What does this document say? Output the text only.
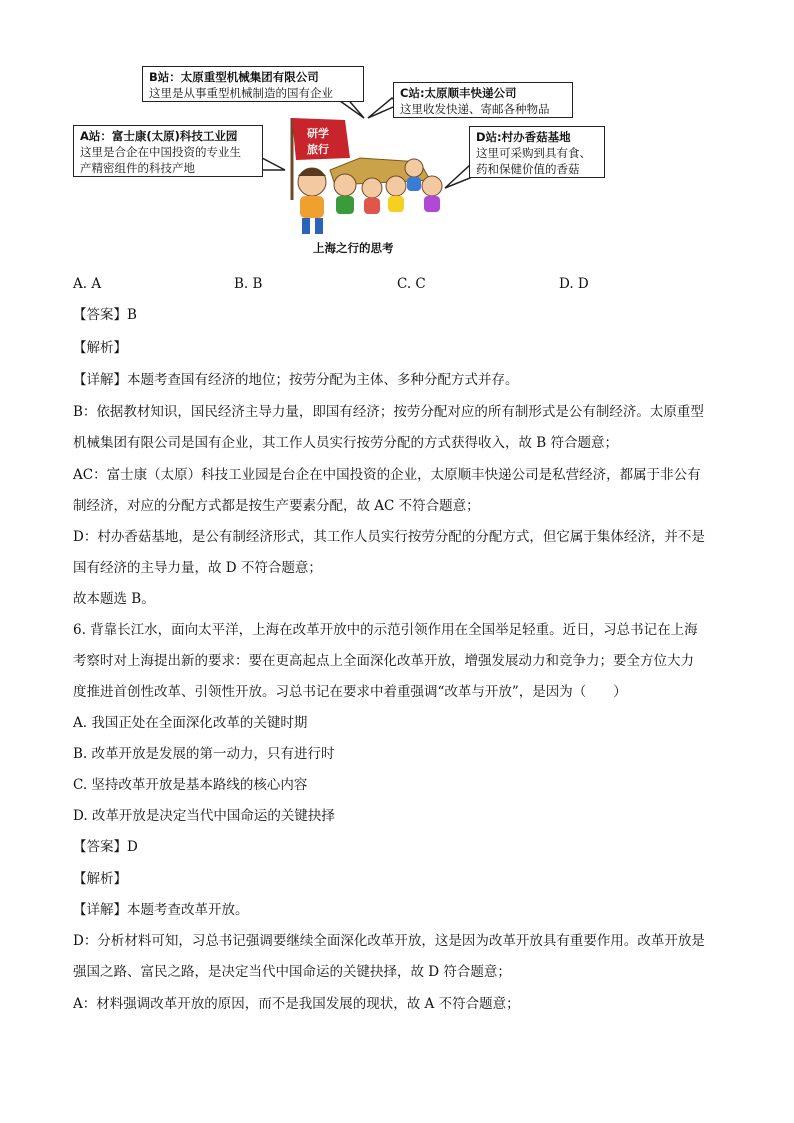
研学
旅行
B站：太原重型机械集团有限公司
这里是从事重型机械制造的国有企业	C站:太原顺丰快递公司
这里收发快递、寄邮各种物品
A站：富士康(太原)科技工业园
这里是合企在中国投资的专业生
产精密组件的科技产地
D站:村办香菇基地
这里可采购到具有食、
药和保健价值的香菇
上海之行的思考
A. A	B. B	C. C	D. D
【答案】B
【解析】
【详解】本题考查国有经济的地位；按劳分配为主体、多种分配方式并存。
B：依据教材知识，国民经济主导力量，即国有经济；按劳分配对应的所有制形式是公有制经济。太原重型
机械集团有限公司是国有企业，其工作人员实行按劳分配的方式获得收入，故 B 符合题意；
AC：富士康（太原）科技工业园是台企在中国投资的企业，太原顺丰快递公司是私营经济，都属于非公有
制经济，对应的分配方式都是按生产要素分配，故 AC 不符合题意；
D：村办香菇基地，是公有制经济形式，其工作人员实行按劳分配的分配方式，但它属于集体经济，并不是
国有经济的主导力量，故 D 不符合题意；
故本题选 B。
6. 背靠长江水，面向太平洋，上海在改革开放中的示范引领作用在全国举足轻重。近日，习总书记在上海
考察时对上海提出新的要求：要在更高起点上全面深化改革开放，增强发展动力和竞争力；要全方位大力
度推进首创性改革、引领性开放。习总书记在要求中着重强调“改革与开放”，是因为（　　）
A. 我国正处在全面深化改革的关键时期
B. 改革开放是发展的第一动力，只有进行时
C. 坚持改革开放是基本路线的核心内容
D. 改革开放是决定当代中国命运的关键抉择
【答案】D
【解析】
【详解】本题考查改革开放。
D：分析材料可知，习总书记强调要继续全面深化改革开放，这是因为改革开放具有重要作用。改革开放是
强国之路、富民之路，是决定当代中国命运的关键抉择，故 D 符合题意；
A：材料强调改革开放的原因，而不是我国发展的现状，故 A 不符合题意；
